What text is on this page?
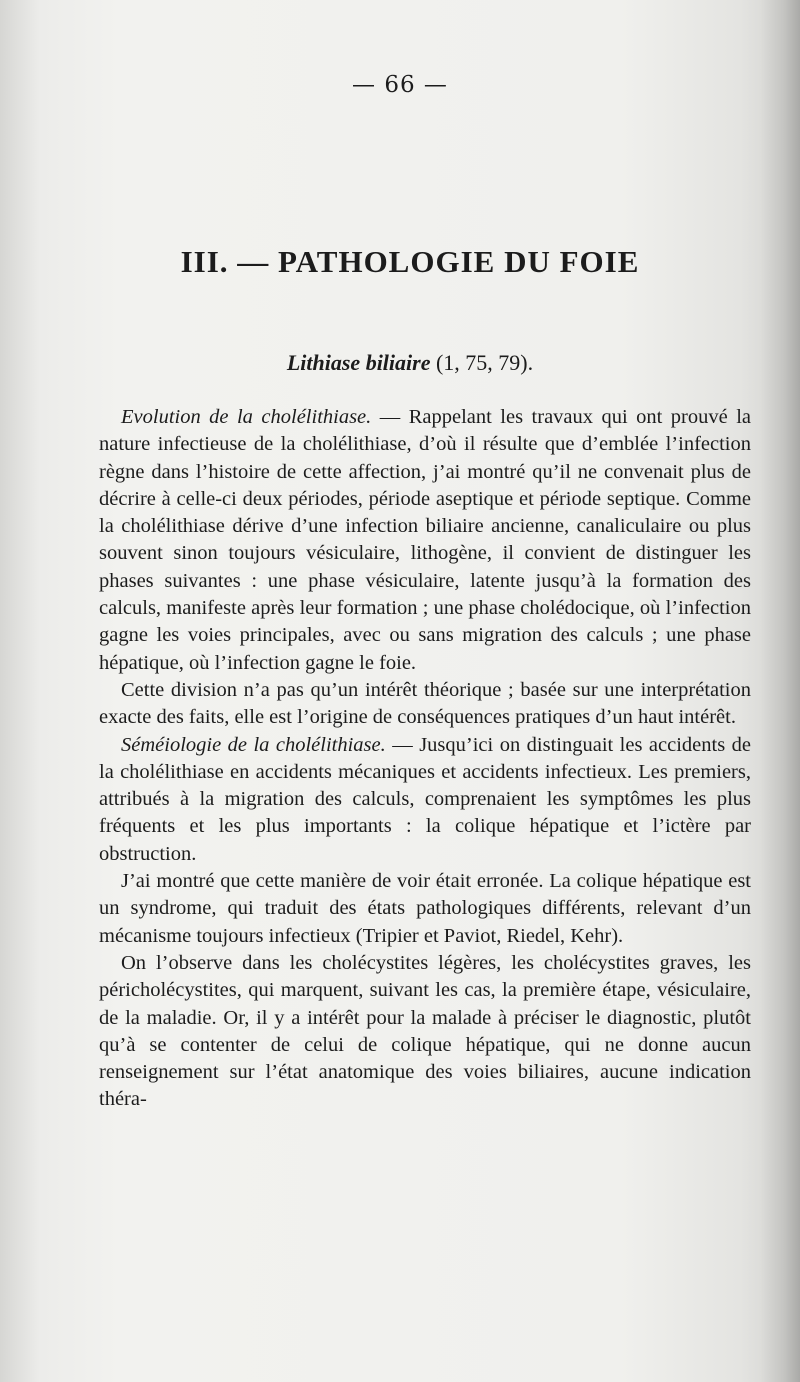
— 66 —
III. — PATHOLOGIE DU FOIE
Lithiase biliaire (1, 75, 79).

Evolution de la cholélithiase. — Rappelant les travaux qui ont prouvé la nature infectieuse de la cholélithiase, d’où il résulte que d’emblée l’infection règne dans l’histoire de cette affection, j’ai montré qu’il ne convenait plus de décrire à celle-ci deux périodes, période aseptique et période septique. Comme la cholélithiase dérive d’une infection biliaire ancienne, canaliculaire ou plus souvent sinon toujours vésiculaire, lithogène, il convient de distinguer les phases suivantes : une phase vésiculaire, latente jusqu’à la formation des calculs, manifeste après leur formation ; une phase cholédocique, où l’infection gagne les voies principales, avec ou sans migration des calculs ; une phase hépatique, où l’infection gagne le foie.

Cette division n’a pas qu’un intérêt théorique ; basée sur une interprétation exacte des faits, elle est l’origine de conséquences pratiques d’un haut intérêt.

Séméiologie de la cholélithiase. — Jusqu’ici on distinguait les accidents de la cholélithiase en accidents mécaniques et accidents infectieux. Les premiers, attribués à la migration des calculs, comprenaient les symptômes les plus fréquents et les plus importants : la colique hépatique et l’ictère par obstruction.

J’ai montré que cette manière de voir était erronée. La colique hépatique est un syndrome, qui traduit des états pathologiques différents, relevant d’un mécanisme toujours infectieux (Tripier et Paviot, Riedel, Kehr).

On l’observe dans les cholécystites légères, les cholécystites graves, les péricholécystites, qui marquent, suivant les cas, la première étape, vésiculaire, de la maladie. Or, il y a intérêt pour la malade à préciser le diagnostic, plutôt qu’à se contenter de celui de colique hépatique, qui ne donne aucun renseignement sur l’état anatomique des voies biliaires, aucune indication théra-
